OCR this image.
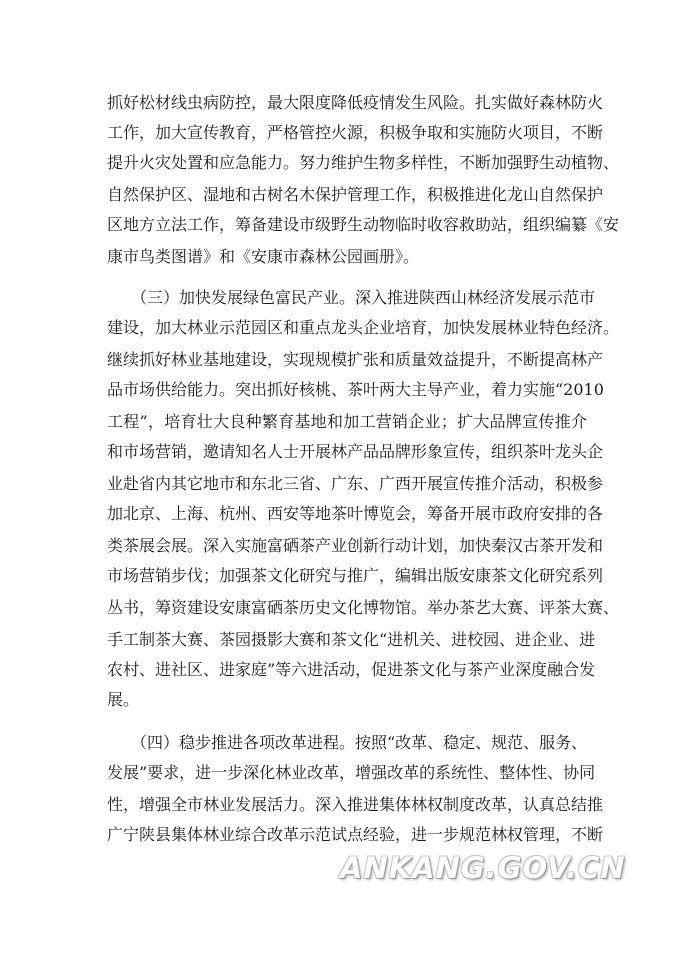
抓好松材线虫病防控，最大限度降低疫情发生风险。扎实做好森林防火
工作，加大宣传教育，严格管控火源，积极争取和实施防火项目，不断
提升火灾处置和应急能力。努力维护生物多样性，不断加强野生动植物、
自然保护区、湿地和古树名木保护管理工作，积极推进化龙山自然保护
区地方立法工作，筹备建设市级野生动物临时收容救助站，组织编纂《安
康市鸟类图谱》和《安康市森林公园画册》。
（三）加快发展绿色富民产业。深入推进陕西山林经济发展示范市
建设，加大林业示范园区和重点龙头企业培育，加快发展林业特色经济。
继续抓好林业基地建设，实现规模扩张和质量效益提升，不断提高林产
品市场供给能力。突出抓好核桃、茶叶两大主导产业，着力实施“2010
工程”，培育壮大良种繁育基地和加工营销企业；扩大品牌宣传推介
和市场营销，邀请知名人士开展林产品品牌形象宣传，组织茶叶龙头企
业赴省内其它地市和东北三省、广东、广西开展宣传推介活动，积极参
加北京、上海、杭州、西安等地茶叶博览会，筹备开展市政府安排的各
类茶展会展。深入实施富硒茶产业创新行动计划，加快秦汉古茶开发和
市场营销步伐；加强茶文化研究与推广，编辑出版安康茶文化研究系列
丛书，筹资建设安康富硒茶历史文化博物馆。举办茶艺大赛、评茶大赛、
手工制茶大赛、茶园摄影大赛和茶文化“进机关、进校园、进企业、进
农村、进社区、进家庭”等六进活动，促进茶文化与茶产业深度融合发
展。
（四）稳步推进各项改革进程。按照“改革、稳定、规范、服务、
发展”要求，进一步深化林业改革，增强改革的系统性、整体性、协同
性，增强全市林业发展活力。深入推进集体林权制度改革，认真总结推
广宁陕县集体林业综合改革示范试点经验，进一步规范林权管理，不断
ANKANG.GOV.CN
